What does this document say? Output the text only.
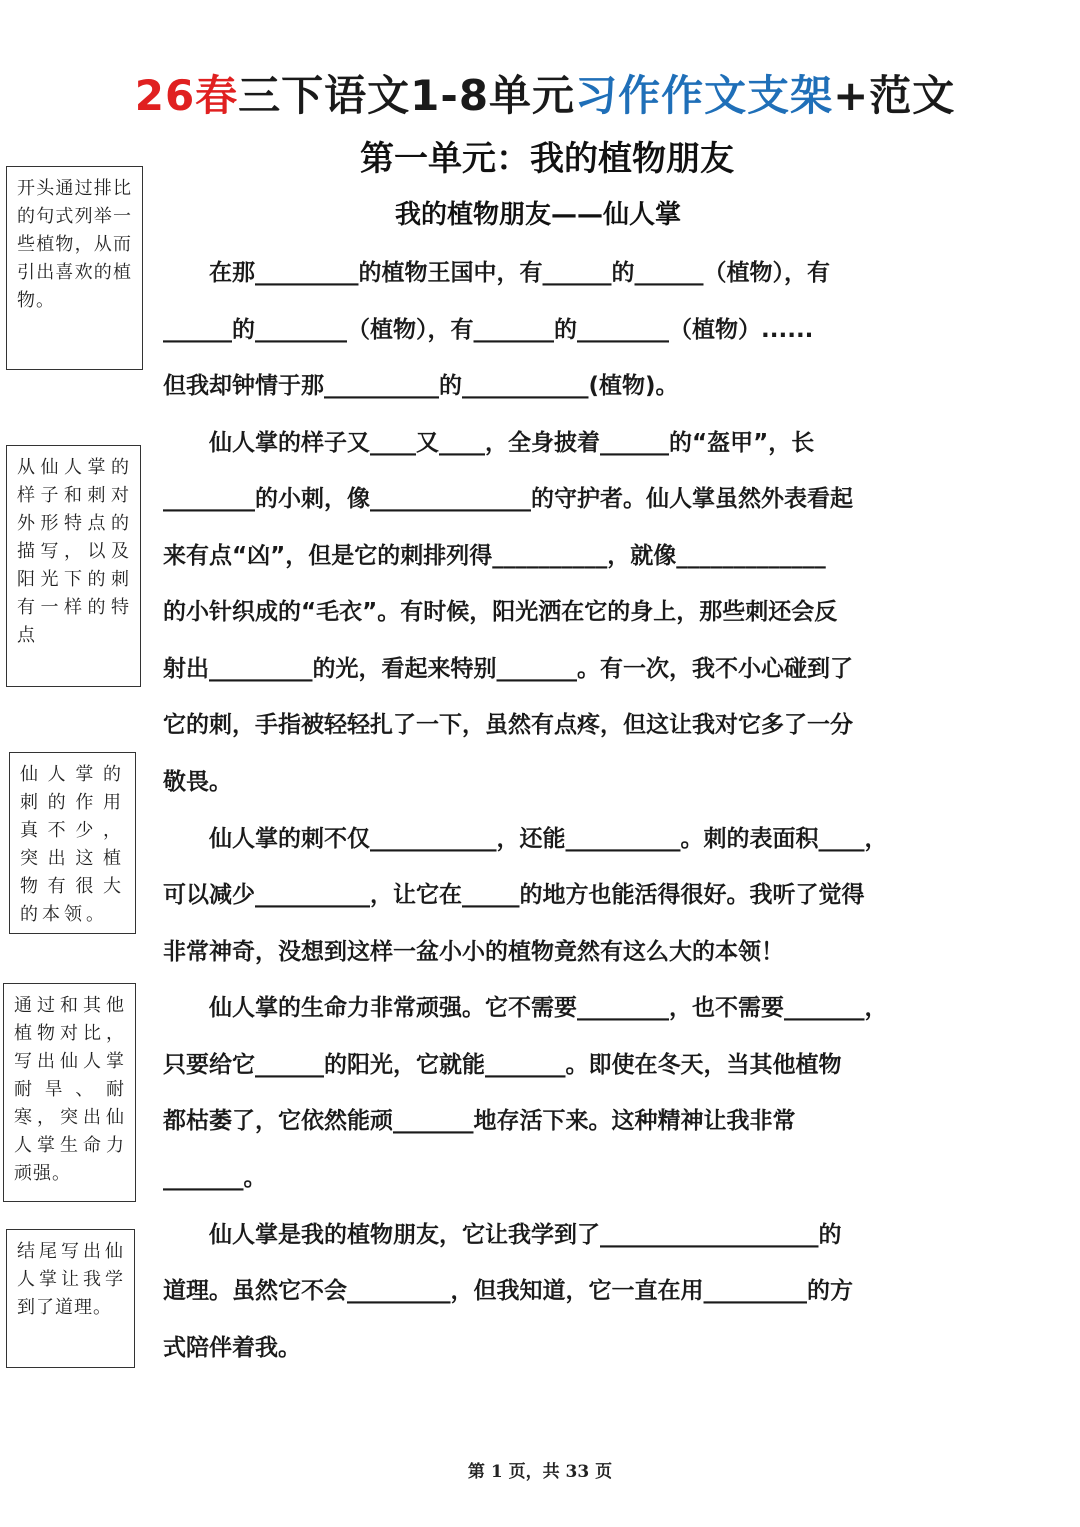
26春三下语文1-8单元习作作文支架+范文
第一单元：我的植物朋友
我的植物朋友——仙人掌
开头通过排比的句式列举一些植物，从而引出喜欢的植物。
从仙人掌的样子和刺对外形特点的描写，以及阳光下的刺有一样的特点
仙人掌的刺的作用真不少，突出这植物有很大的本领。
通过和其他植物对比，写出仙人掌耐旱、耐寒，突出仙人掌生命力顽强。
结尾写出仙人掌让我学到了道理。
　　在那_________的植物王国中，有______的______（植物），有
______的________（植物），有_______的________（植物）......
但我却钟情于那__________的___________(植物)。
　　仙人掌的样子又____又____，全身披着______的“盔甲”，长
________的小刺，像______________的守护者。仙人掌虽然外表看起
来有点“凶”，但是它的刺排列得__________，就像_____________
的小针织成的“毛衣”。有时候，阳光洒在它的身上，那些刺还会反
射出_________的光，看起来特别_______。有一次，我不小心碰到了
它的刺，手指被轻轻扎了一下，虽然有点疼，但这让我对它多了一分
敬畏。
　　仙人掌的刺不仅___________，还能__________。刺的表面积____，
可以减少__________，让它在_____的地方也能活得很好。我听了觉得
非常神奇，没想到这样一盆小小的植物竟然有这么大的本领！
　　仙人掌的生命力非常顽强。它不需要________，也不需要_______，
只要给它______的阳光，它就能_______。即使在冬天，当其他植物
都枯萎了，它依然能顽_______地存活下来。这种精神让我非常
_______。
　　仙人掌是我的植物朋友，它让我学到了___________________的
道理。虽然它不会_________，但我知道，它一直在用_________的方
式陪伴着我。
第 1 页，共 33 页
